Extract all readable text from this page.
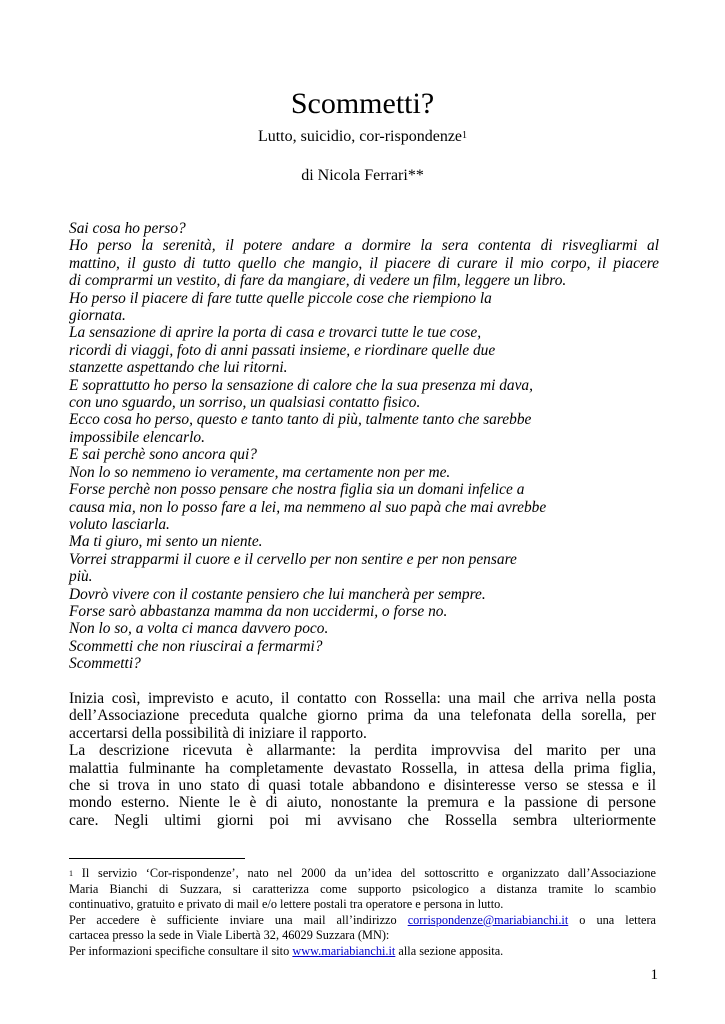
Scommetti?
Lutto, suicidio, cor-rispondenze$^1$
di Nicola Ferrari**
Sai cosa ho perso?
Ho perso la serenità, il potere andare a dormire la sera contenta di risvegliarmi al
mattino, il gusto di tutto quello che mangio, il piacere di curare il mio corpo, il piacere
di comprarmi un vestito, di fare da mangiare, di vedere un film, leggere un libro.
Ho perso il piacere di fare tutte quelle piccole cose che riempiono la
giornata.
La sensazione di aprire la porta di casa e trovarci tutte le tue cose,
ricordi di viaggi, foto di anni passati insieme, e riordinare quelle due
stanzette aspettando che lui ritorni.
E soprattutto ho perso la sensazione di calore che la sua presenza mi dava,
con uno sguardo, un sorriso, un qualsiasi contatto fisico.
Ecco cosa ho perso, questo e tanto tanto di più, talmente tanto che sarebbe
impossibile elencarlo.
E sai perchè sono ancora qui?
Non lo so nemmeno io veramente, ma certamente non per me.
Forse perchè non posso pensare che nostra figlia sia un domani infelice a
causa mia, non lo posso fare a lei, ma nemmeno al suo papà che mai avrebbe
voluto lasciarla.
Ma ti giuro, mi sento un niente.
Vorrei strapparmi il cuore e il cervello per non sentire e per non pensare
più.
Dovrò vivere con il costante pensiero che lui mancherà per sempre.
Forse sarò abbastanza mamma da non uccidermi, o forse no.
Non lo so, a volta ci manca davvero poco.
Scommetti che non riuscirai a fermarmi?
Scommetti?
Inizia così, imprevisto e acuto, il contatto con Rossella: una mail che arriva nella posta
dell’Associazione preceduta qualche giorno prima da una telefonata della sorella, per
accertarsi della possibilità di iniziare il rapporto.
La descrizione ricevuta è allarmante: la perdita improvvisa del marito per una
malattia fulminante ha completamente devastato Rossella, in attesa della prima figlia,
che si trova in uno stato di quasi totale abbandono e disinteresse verso se stessa e il
mondo esterno. Niente le è di aiuto, nonostante la premura e la passione di persone
care. Negli ultimi giorni poi mi avvisano che Rossella sembra ulteriormente
$^1$ Il servizio ‘Cor-rispondenze’, nato nel 2000 da un’idea del sottoscritto e organizzato dall’Associazione
Maria Bianchi di Suzzara, si caratterizza come supporto psicologico a distanza tramite lo scambio
continuativo, gratuito e privato di mail e/o lettere postali tra operatore e persona in lutto.
Per accedere è sufficiente inviare una mail all’indirizzo corrispondenze@mariabianchi.it o una lettera
cartacea presso la sede in Viale Libertà 32, 46029 Suzzara (MN):
Per informazioni specifiche consultare il sito www.mariabianchi.it alla sezione apposita.
1
